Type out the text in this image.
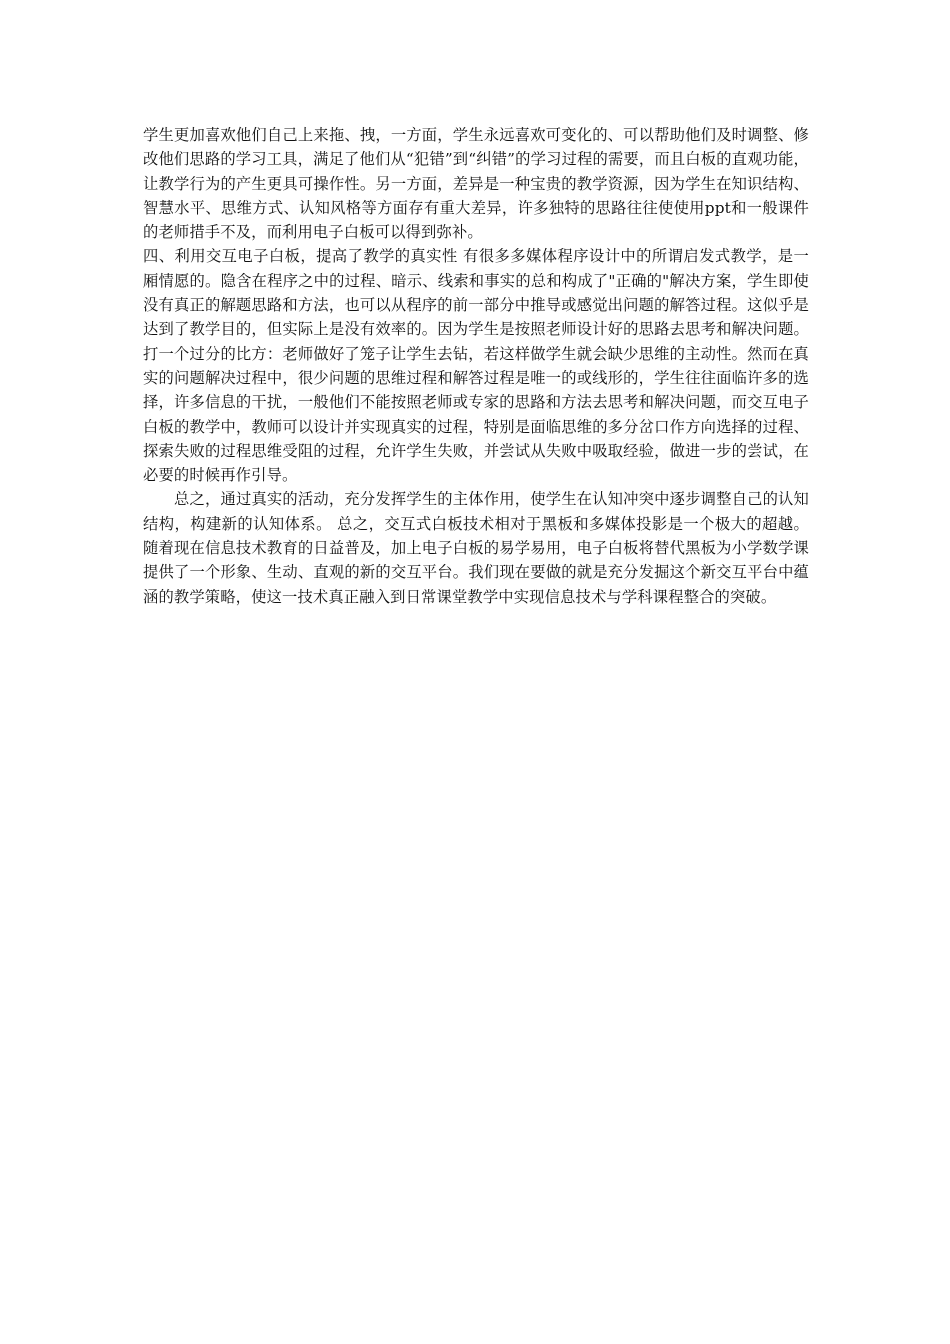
学生更加喜欢他们自己上来拖、拽，一方面，学生永远喜欢可变化的、可以帮助他们及时调整、修改他们思路的学习工具，满足了他们从“犯错”到“纠错”的学习过程的需要，而且白板的直观功能，让教学行为的产生更具可操作性。另一方面，差异是一种宝贵的教学资源，因为学生在知识结构、智慧水平、思维方式、认知风格等方面存有重大差异，许多独特的思路往往使使用ppt和一般课件的老师措手不及，而利用电子白板可以得到弥补。

四、利用交互电子白板，提高了教学的真实性 有很多多媒体程序设计中的所谓启发式教学，是一厢情愿的。隐含在程序之中的过程、暗示、线索和事实的总和构成了"正确的"解决方案，学生即使没有真正的解题思路和方法，也可以从程序的前一部分中推导或感觉出问题的解答过程。这似乎是达到了教学目的，但实际上是没有效率的。因为学生是按照老师设计好的思路去思考和解决问题。打一个过分的比方：老师做好了笼子让学生去钻，若这样做学生就会缺少思维的主动性。然而在真实的问题解决过程中，很少问题的思维过程和解答过程是唯一的或线形的，学生往往面临许多的选择，许多信息的干扰，一般他们不能按照老师或专家的思路和方法去思考和解决问题，而交互电子白板的教学中，教师可以设计并实现真实的过程，特别是面临思维的多分岔口作方向选择的过程、探索失败的过程思维受阻的过程，允许学生失败，并尝试从失败中吸取经验，做进一步的尝试，在必要的时候再作引导。

总之，通过真实的活动，充分发挥学生的主体作用，使学生在认知冲突中逐步调整自己的认知结构，构建新的认知体系。 总之，交互式白板技术相对于黑板和多媒体投影是一个极大的超越。随着现在信息技术教育的日益普及，加上电子白板的易学易用，电子白板将替代黑板为小学数学课提供了一个形象、生动、直观的新的交互平台。我们现在要做的就是充分发掘这个新交互平台中蕴涵的教学策略，使这一技术真正融入到日常课堂教学中实现信息技术与学科课程整合的突破。
